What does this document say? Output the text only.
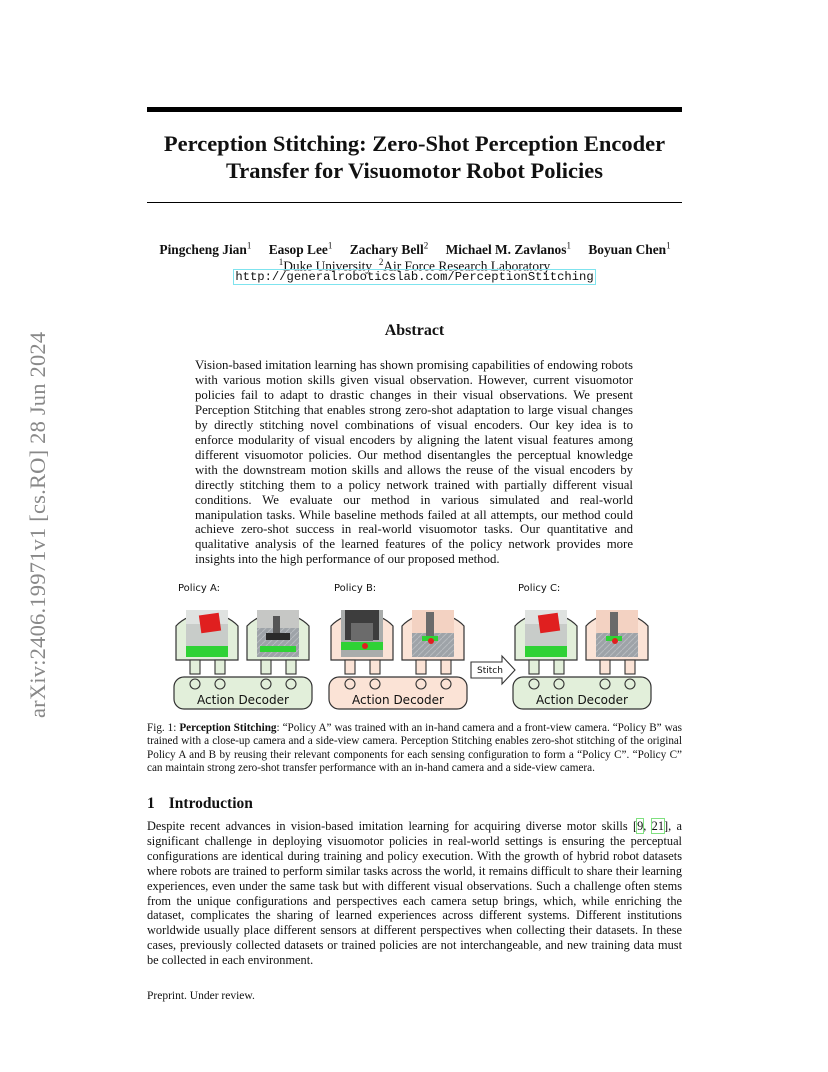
arXiv:2406.19971v1 [cs.RO] 28 Jun 2024
Perception Stitching: Zero-Shot Perception Encoder Transfer for Visuomotor Robot Policies
Pingcheng Jian$^1$ Easop Lee$^1$ Zachary Bell$^2$ Michael M. Zavlanos$^1$ Boyuan Chen$^1$
$^1$Duke University $^2$Air Force Research Laboratory
http://generalroboticslab.com/PerceptionStitching
Abstract
Vision-based imitation learning has shown promising capabilities of endowing robots with various motion skills given visual observation. However, current visuomotor policies fail to adapt to drastic changes in their visual observations. We present Perception Stitching that enables strong zero-shot adaptation to large visual changes by directly stitching novel combinations of visual encoders. Our key idea is to enforce modularity of visual encoders by aligning the latent visual features among different visuomotor policies. Our method disentangles the perceptual knowledge with the downstream motion skills and allows the reuse of the visual encoders by directly stitching them to a policy network trained with partially different visual conditions. We evaluate our method in various simulated and real-world manipulation tasks. While baseline methods failed at all attempts, our method could achieve zero-shot success in real-world visuomotor tasks. Our quantitative and qualitative analysis of the learned features of the policy network provides more insights into the high performance of our proposed method.
Policy A:
Action Decoder
Policy B:
Action Decoder
Stitch
Policy C:
Action Decoder
Fig. 1: Perception Stitching: “Policy A” was trained with an in-hand camera and a front-view camera. “Policy B” was trained with a close-up camera and a side-view camera. Perception Stitching enables zero-shot stitching of the original Policy A and B by reusing their relevant components for each sensing configuration to form a “Policy C”. “Policy C” can maintain strong zero-shot transfer performance with an in-hand camera and a side-view camera.
1 Introduction
Despite recent advances in vision-based imitation learning for acquiring diverse motor skills [9, 21], a significant challenge in deploying visuomotor policies in real-world settings is ensuring the perceptual configurations are identical during training and policy execution. With the growth of hybrid robot datasets where robots are trained to perform similar tasks across the world, it remains difficult to share their learning experiences, even under the same task but with different visual observations. Such a challenge often stems from the unique configurations and perspectives each camera setup brings, which, while enriching the dataset, complicates the sharing of learned experiences across different systems. Different institutions worldwide usually place different sensors at different perspectives when collecting their datasets. In these cases, previously collected datasets or trained policies are not interchangeable, and new training data must be collected in each environment.
Preprint. Under review.
